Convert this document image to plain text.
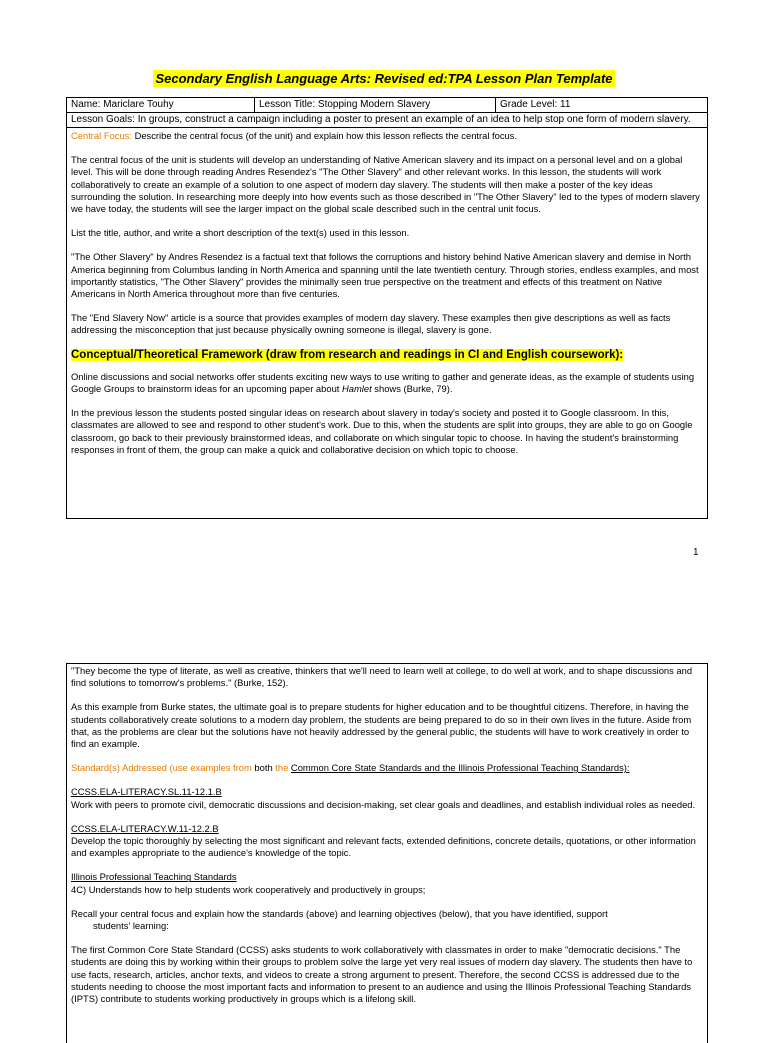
Secondary English Language Arts: Revised ed:TPA Lesson Plan Template
Name: Mariclare Touhy	Lesson Title: Stopping Modern Slavery	Grade Level: 11
Lesson Goals: In groups, construct a campaign including a poster to present an example of an idea to help stop one form of modern slavery.

Central Focus: Describe the central focus (of the unit) and explain how this lesson reflects the central focus.

The central focus of the unit is students will develop an understanding of Native American slavery and its impact on a personal level and on a global level. This will be done through reading Andres Resendez's "The Other Slavery" and other relevant works. In this lesson, the students will work collaboratively to create an example of a solution to one aspect of modern day slavery. The students will then make a poster of the key ideas surrounding the solution. In researching more deeply into how events such as those described in "The Other Slavery" led to the types of modern slavery we have today, the students will see the larger impact on the global scale described such in the central unit focus.

List the title, author, and write a short description of the text(s) used in this lesson.

"The Other Slavery" by Andres Resendez is a factual text that follows the corruptions and history behind Native American slavery and demise in North America beginning from Columbus landing in North America and spanning until the late twentieth century. Through stories, endless examples, and most importantly statistics, "The Other Slavery" provides the minimally seen true perspective on the treatment and effects of this treatment on Native Americans in North America throughout more than five centuries.

The "End Slavery Now" article is a source that provides examples of modern day slavery. These examples then give descriptions as well as facts addressing the misconception that just because physically owning someone is illegal, slavery is gone.

Conceptual/Theoretical Framework (draw from research and readings in CI and English coursework):

Online discussions and social networks offer students exciting new ways to use writing to gather and generate ideas, as the example of students using Google Groups to brainstorm ideas for an upcoming paper about Hamlet shows (Burke, 79).

In the previous lesson the students posted singular ideas on research about slavery in today's society and posted it to Google classroom. In this, classmates are allowed to see and respond to other student's work. Due to this, when the students are split into groups, they are able to go on Google classroom, go back to their previously brainstormed ideas, and collaborate on which singular topic to choose. In having the student's brainstorming responses in front of them, the group can make a quick and collaborative decision on which topic to choose.

1

"They become the type of literate, as well as creative, thinkers that we'll need to learn well at college, to do well at work, and to shape discussions and find solutions to tomorrow's problems." (Burke, 152).

As this example from Burke states, the ultimate goal is to prepare students for higher education and to be thoughtful citizens. Therefore, in having the students collaboratively create solutions to a modern day problem, the students are being prepared to do so in their own lives in the future. Aside from that, as the problems are clear but the solutions have not heavily addressed by the general public, the students will have to work creatively in order to find an example.

Standard(s) Addressed (use examples from both the Common Core State Standards and the Illinois Professional Teaching Standards):

CCSS.ELA-LITERACY.SL.11-12.1.B
Work with peers to promote civil, democratic discussions and decision-making, set clear goals and deadlines, and establish individual roles as needed.

CCSS.ELA-LITERACY.W.11-12.2.B
Develop the topic thoroughly by selecting the most significant and relevant facts, extended definitions, concrete details, quotations, or other information and examples appropriate to the audience's knowledge of the topic.

Illinois Professional Teaching Standards
4C) Understands how to help students work cooperatively and productively in groups;

Recall your central focus and explain how the standards (above) and learning objectives (below), that you have identified, support
students' learning:

The first Common Core State Standard (CCSS) asks students to work collaboratively with classmates in order to make "democratic decisions." The students are doing this by working within their groups to problem solve the large yet very real issues of modern day slavery. The students then have to use facts, research, articles, anchor texts, and videos to create a strong argument to present. Therefore, the second CCSS is addressed due to the students needing to choose the most important facts and information to present to an audience and using the Illinois Professional Teaching Standards (IPTS) contribute to students working productively in groups which is a lifelong skill.
